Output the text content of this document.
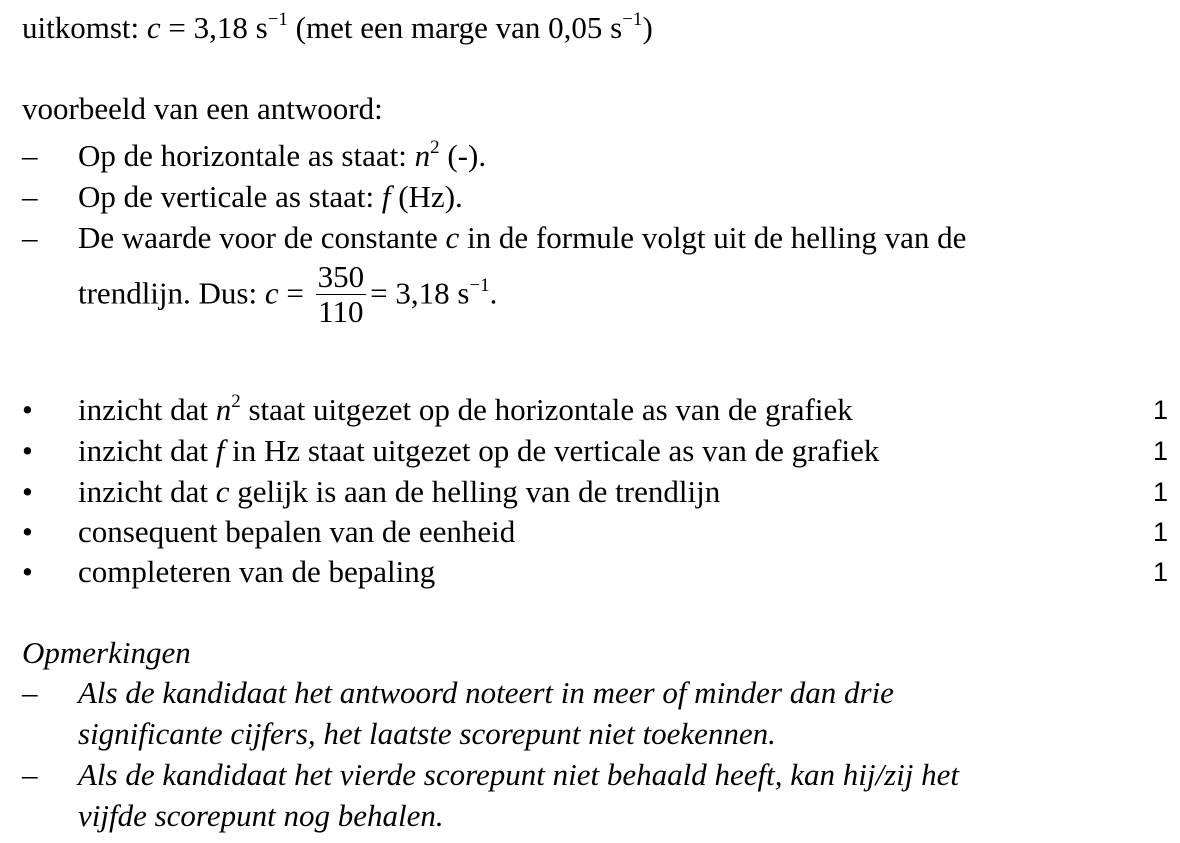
uitkomst: c = 3,18 $s^{-1}$ (met een marge van 0,05 $s^{-1}$)
voorbeeld van een antwoord:
– Op de horizontale as staat: $n^2$ (-).
– Op de verticale as staat: f (Hz).
– De waarde voor de constante c in de formule volgt uit de helling van de
trendlijn. Dus: $c = \frac{350}{110} = 3,18$ $s^{-1}$.
• inzicht dat $n^2$ staat uitgezet op de horizontale as van de grafiek	1
• inzicht dat f in Hz staat uitgezet op de verticale as van de grafiek	1
• inzicht dat c gelijk is aan de helling van de trendlijn	1
• consequent bepalen van de eenheid	1
• completeren van de bepaling	1
Opmerkingen
– Als de kandidaat het antwoord noteert in meer of minder dan drie
significante cijfers, het laatste scorepunt niet toekennen.
– Als de kandidaat het vierde scorepunt niet behaald heeft, kan hij/zij het
vijfde scorepunt nog behalen.
